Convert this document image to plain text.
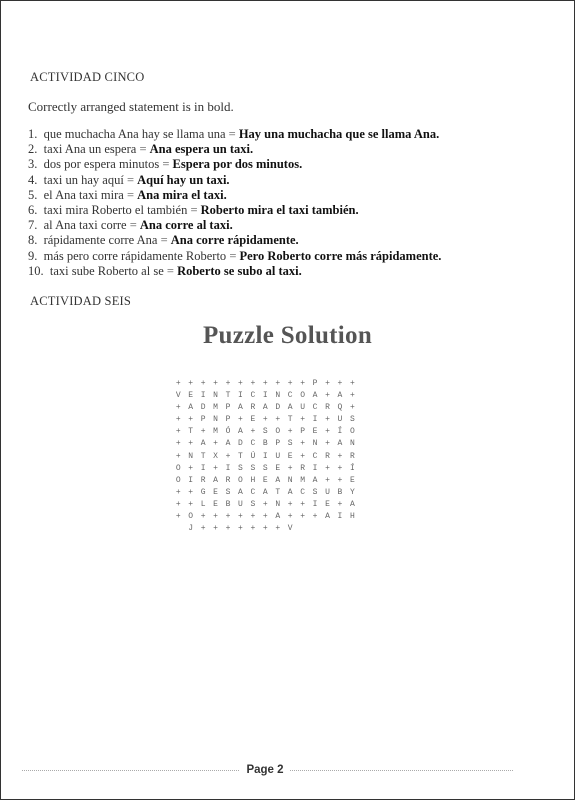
ACTIVIDAD CINCO
Correctly arranged statement is in bold.
1. que muchacha Ana hay se llama una = Hay una muchacha que se llama Ana.
2. taxi Ana un espera = Ana espera un taxi.
3. dos por espera minutos = Espera por dos minutos.
4. taxi un hay aquí = Aquí hay un taxi.
5. el Ana taxi mira = Ana mira el taxi.
6. taxi mira Roberto el también = Roberto mira el taxi también.
7. al Ana taxi corre = Ana corre al taxi.
8. rápidamente corre Ana = Ana corre rápidamente.
9. más pero corre rápidamente Roberto = Pero Roberto corre más rápidamente.
10. taxi sube Roberto al se = Roberto se subo al taxi.
ACTIVIDAD SEIS
Puzzle Solution
+ + + + + + + + + + + P + + +
V E I N T I C I N C O A + A +
+ A D M P A R A D A U C R Q +
+ + P N P + E + + T + I + U S
+ T + M Ó A + S O + P E + Í O
+ + A + A D C B P S + N + A N
+ N T X + T Ú I U E + C R + R
O + I + I S S S E + R I + + Í
O I R A R O H E A N M A + + E
+ + G E S A C A T A C S U B Y
+ + L E B U S + N + + I E + A
+ O + + + + + + A + + + A I H
J + + + + + + + V
Page 2
